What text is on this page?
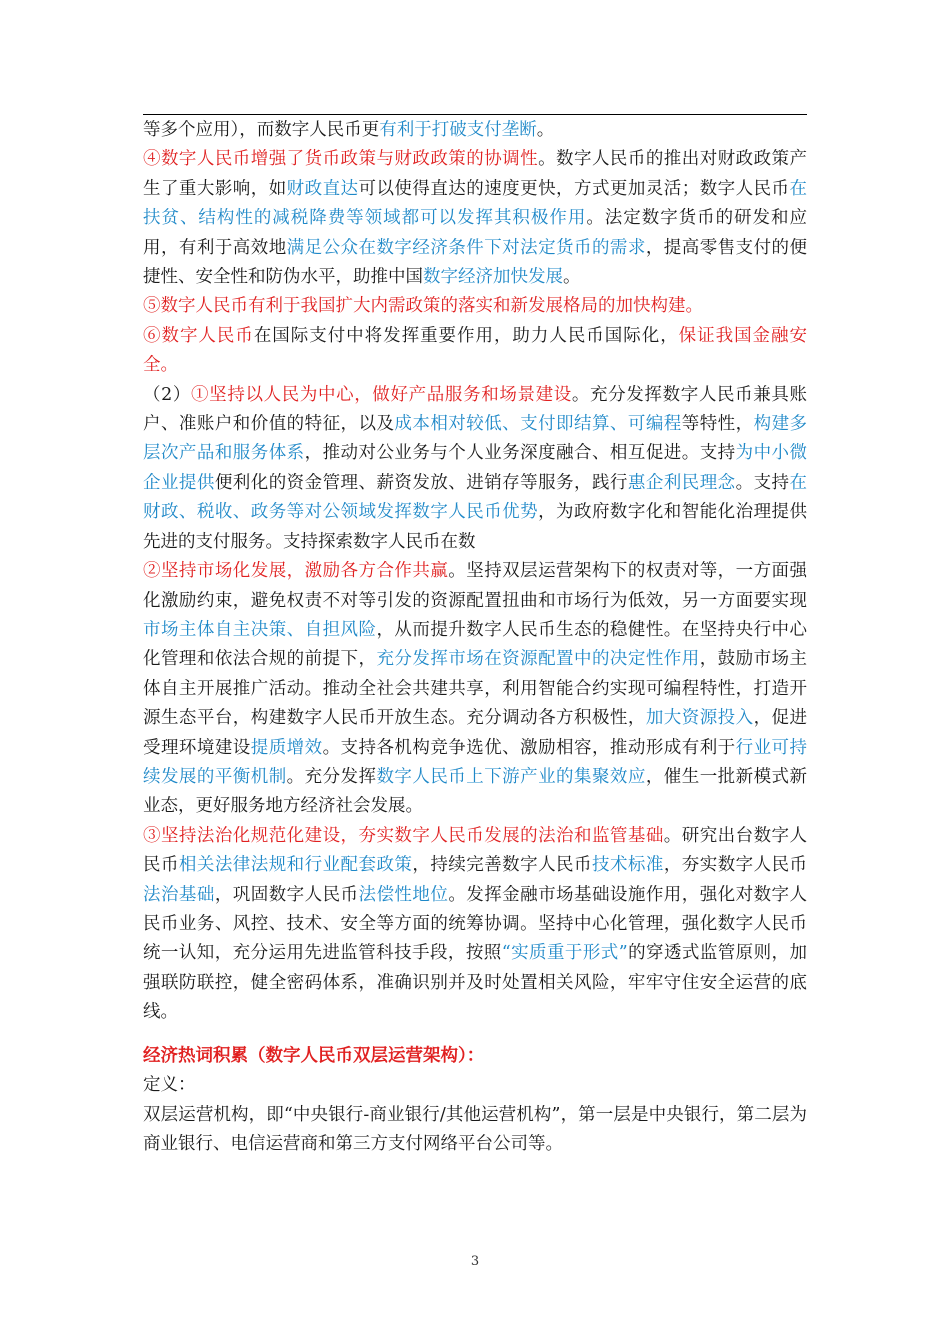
等多个应用），而数字人民币更有利于打破支付垄断。

④数字人民币增强了货币政策与财政政策的协调性。数字人民币的推出对财政政策产生了重大影响，如财政直达可以使得直达的速度更快，方式更加灵活；数字人民币在扶贫、结构性的减税降费等领域都可以发挥其积极作用。法定数字货币的研发和应用，有利于高效地满足公众在数字经济条件下对法定货币的需求，提高零售支付的便捷性、安全性和防伪水平，助推中国数字经济加快发展。

⑤数字人民币有利于我国扩大内需政策的落实和新发展格局的加快构建。

⑥数字人民币在国际支付中将发挥重要作用，助力人民币国际化，保证我国金融安全。

（2）①坚持以人民为中心，做好产品服务和场景建设。充分发挥数字人民币兼具账户、准账户和价值的特征，以及成本相对较低、支付即结算、可编程等特性，构建多层次产品和服务体系，推动对公业务与个人业务深度融合、相互促进。支持为中小微企业提供便利化的资金管理、薪资发放、进销存等服务，践行惠企利民理念。支持在财政、税收、政务等对公领域发挥数字人民币优势，为政府数字化和智能化治理提供先进的支付服务。支持探索数字人民币在数

②坚持市场化发展，激励各方合作共赢。坚持双层运营架构下的权责对等，一方面强化激励约束，避免权责不对等引发的资源配置扭曲和市场行为低效，另一方面要实现市场主体自主决策、自担风险，从而提升数字人民币生态的稳健性。在坚持央行中心化管理和依法合规的前提下，充分发挥市场在资源配置中的决定性作用，鼓励市场主体自主开展推广活动。推动全社会共建共享，利用智能合约实现可编程特性，打造开源生态平台，构建数字人民币开放生态。充分调动各方积极性，加大资源投入，促进受理环境建设提质增效。支持各机构竞争选优、激励相容，推动形成有利于行业可持续发展的平衡机制。充分发挥数字人民币上下游产业的集聚效应，催生一批新模式新业态，更好服务地方经济社会发展。

③坚持法治化规范化建设，夯实数字人民币发展的法治和监管基础。研究出台数字人民币相关法律法规和行业配套政策，持续完善数字人民币技术标准，夯实数字人民币法治基础，巩固数字人民币法偿性地位。发挥金融市场基础设施作用，强化对数字人民币业务、风控、技术、安全等方面的统筹协调。坚持中心化管理，强化数字人民币统一认知，充分运用先进监管科技手段，按照“实质重于形式”的穿透式监管原则，加强联防联控，健全密码体系，准确识别并及时处置相关风险，牢牢守住安全运营的底线。

经济热词积累（数字人民币双层运营架构）：

定义：

双层运营机构，即“中央银行-商业银行/其他运营机构”，第一层是中央银行，第二层为商业银行、电信运营商和第三方支付网络平台公司等。

3
